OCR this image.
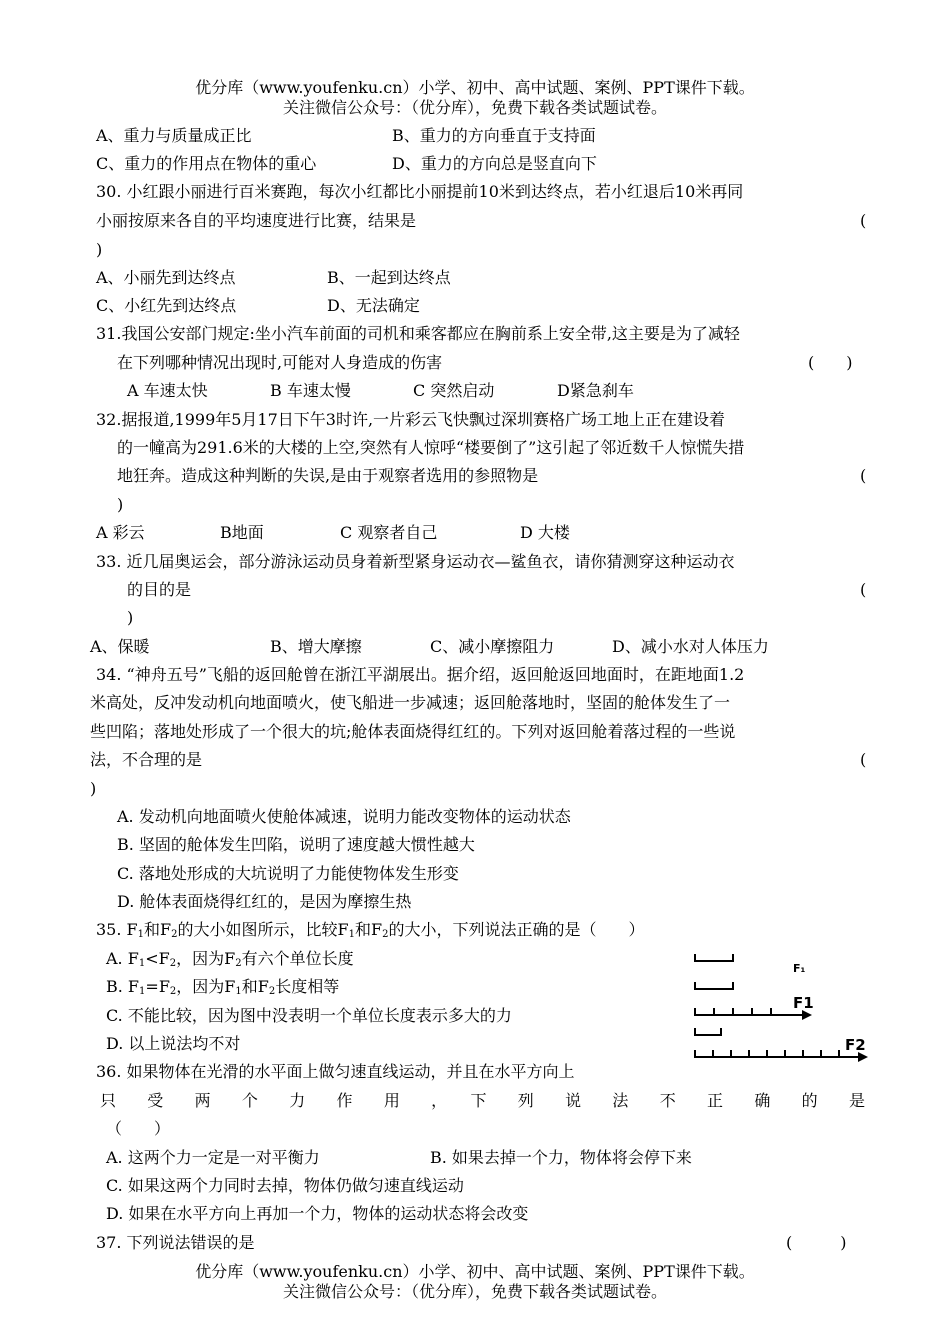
优分库（www.youfenku.cn）小学、初中、高中试题、案例、PPT课件下载。
关注微信公众号：（优分库），免费下载各类试题试卷。
A、重力与质量成正比	B、重力的方向垂直于支持面
C、重力的作用点在物体的重心	D、重力的方向总是竖直向下
30. 小红跟小丽进行百米赛跑，每次小红都比小丽提前10米到达终点，若小红退后10米再同
小丽按原来各自的平均速度进行比赛，结果是	(
)
A、小丽先到达终点	B、一起到达终点
C、小红先到达终点	D、无法确定
31.我国公安部门规定:坐小汽车前面的司机和乘客都应在胸前系上安全带,这主要是为了减轻
在下列哪种情况出现时,可能对人身造成的伤害	(　　)
A 车速太快	B 车速太慢	C 突然启动	D紧急刹车
32.据报道,1999年5月17日下午3时许,一片彩云飞快飘过深圳赛格广场工地上正在建设着
的一幢高为291.6米的大楼的上空,突然有人惊呼“楼要倒了”这引起了邻近数千人惊慌失措
地狂奔。造成这种判断的失误,是由于观察者选用的参照物是	(
)
A 彩云	B地面	C 观察者自己	D 大楼
33. 近几届奥运会，部分游泳运动员身着新型紧身运动衣—鲨鱼衣，请你猜测穿这种运动衣
的目的是	(
)
A、保暖	B、增大摩擦	C、减小摩擦阻力	D、减小水对人体压力
34. “神舟五号”飞船的返回舱曾在浙江平湖展出。据介绍，返回舱返回地面时，在距地面1.2
米高处，反冲发动机向地面喷火，使飞船进一步减速；返回舱落地时，坚固的舱体发生了一
些凹陷；落地处形成了一个很大的坑;舱体表面烧得红红的。下列对返回舱着落过程的一些说
法，不合理的是	(
)
A. 发动机向地面喷火使舱体减速，说明力能改变物体的运动状态
B. 坚固的舱体发生凹陷，说明了速度越大惯性越大
C. 落地处形成的大坑说明了力能使物体发生形变
D. 舱体表面烧得红红的，是因为摩擦生热
35. $F_1$和$F_2$的大小如图所示，比较$F_1$和$F_2$的大小，下列说法正确的是（　　）
A. $F_1<F_2$，因为$F_2$有六个单位长度
B. $F_1=F_2$，因为$F_1$和$F_2$长度相等
C. 不能比较，因为图中没表明一个单位长度表示多大的力
D. 以上说法均不对
F₁
F1
F2
36. 如果物体在光滑的水平面上做匀速直线运动，并且在水平方向上
只　受　两　个　力　作　用　，　下　列　说　法　不　正　确　的　是
（　　）
A. 这两个力一定是一对平衡力	B. 如果去掉一个力，物体将会停下来
C. 如果这两个力同时去掉，物体仍做匀速直线运动
D. 如果在水平方向上再加一个力，物体的运动状态将会改变
37. 下列说法错误的是	(　　　)
优分库（www.youfenku.cn）小学、初中、高中试题、案例、PPT课件下载。
关注微信公众号：（优分库），免费下载各类试题试卷。
